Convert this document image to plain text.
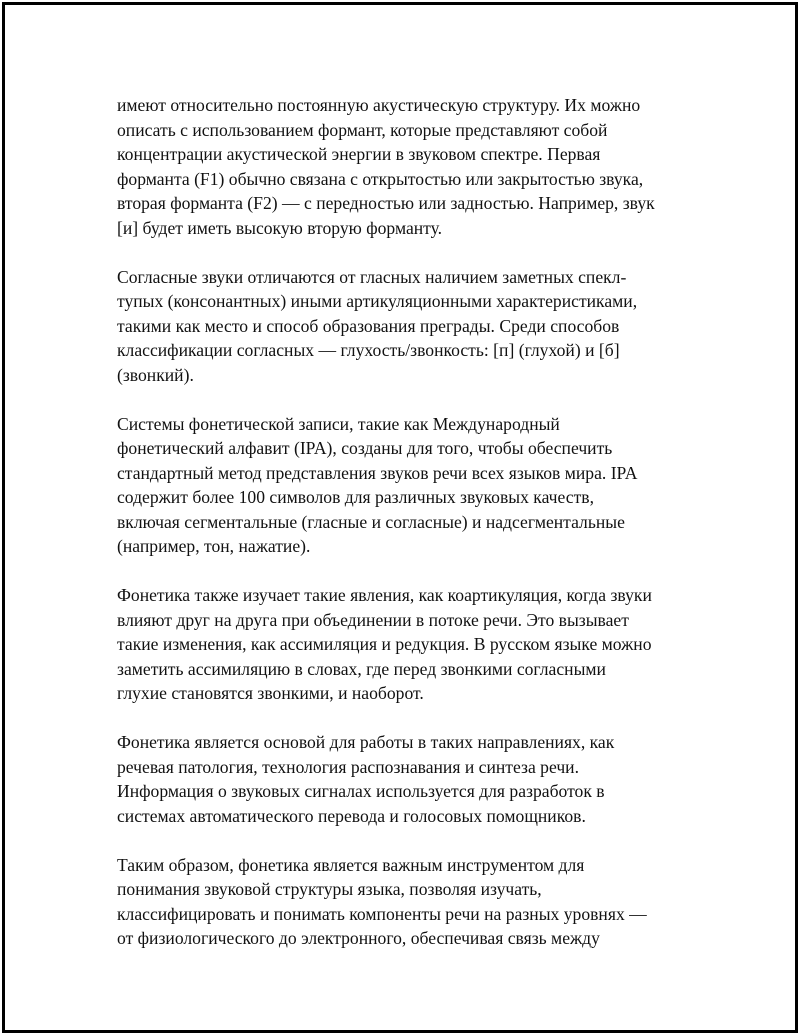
имеют относительно постоянную акустическую структуру. Их можно
описать с использованием формант, которые представляют собой
концентрации акустической энергии в звуковом спектре. Первая
форманта (F1) обычно связана с открытостью или закрытостью звука,
вторая форманта (F2) — с передностью или задностью. Например, звук
[и] будет иметь высокую вторую форманту.

Согласные звуки отличаются от гласных наличием заметных спекл-
тупых (консонантных) иными артикуляционными характеристиками,
такими как место и способ образования преграды. Среди способов
классификации согласных — глухость/звонкость: [п] (глухой) и [б]
(звонкий).

Системы фонетической записи, такие как Международный
фонетический алфавит (IPA), созданы для того, чтобы обеспечить
стандартный метод представления звуков речи всех языков мира. IPA
содержит более 100 символов для различных звуковых качеств,
включая сегментальные (гласные и согласные) и надсегментальные
(например, тон, нажатие).

Фонетика также изучает такие явления, как коартикуляция, когда звуки
влияют друг на друга при объединении в потоке речи. Это вызывает
такие изменения, как ассимиляция и редукция. В русском языке можно
заметить ассимиляцию в словах, где перед звонкими согласными
глухие становятся звонкими, и наоборот.

Фонетика является основой для работы в таких направлениях, как
речевая патология, технология распознавания и синтеза речи.
Информация о звуковых сигналах используется для разработок в
системах автоматического перевода и голосовых помощников.

Таким образом, фонетика является важным инструментом для
понимания звуковой структуры языка, позволяя изучать,
классифицировать и понимать компоненты речи на разных уровнях —
от физиологического до электронного, обеспечивая связь между
